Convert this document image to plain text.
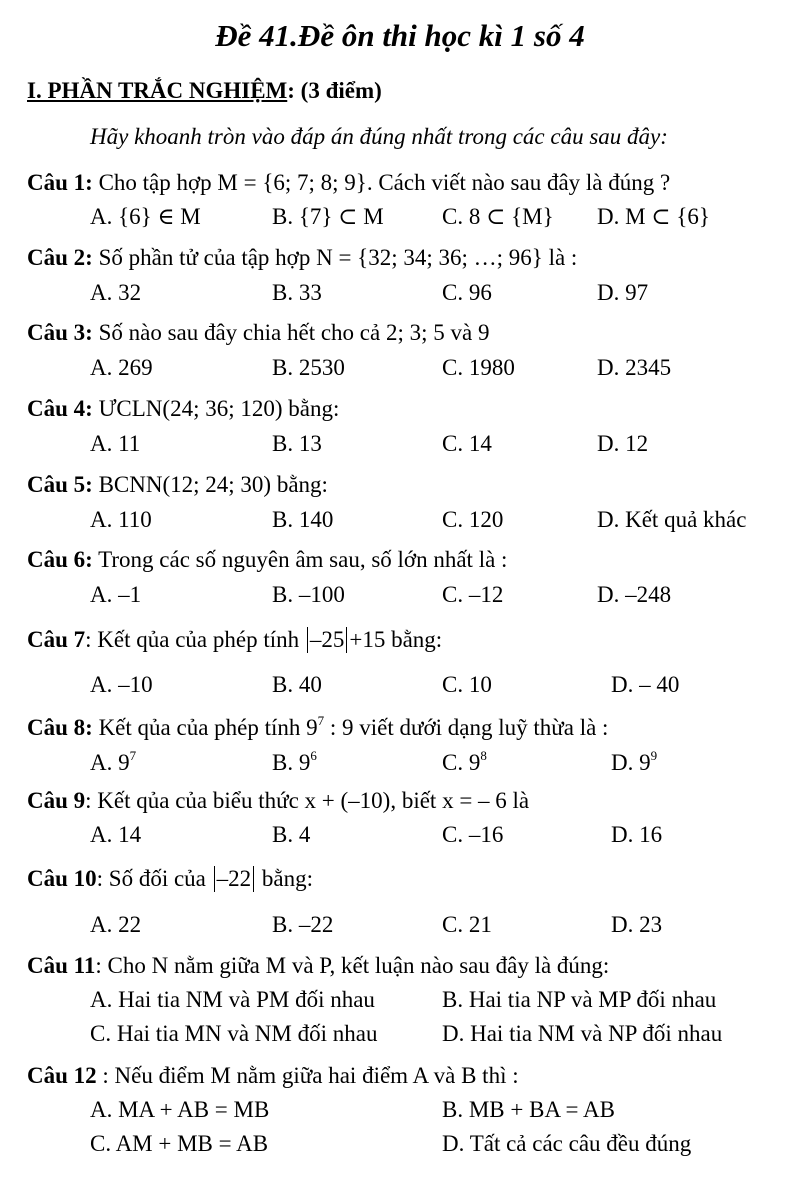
Đề 41.Đề ôn thi học kì 1 số 4
I. PHẦN TRẮC NGHIỆM: (3 điểm)
Hãy khoanh tròn vào đáp án đúng nhất trong các câu sau đây:
Câu 1: Cho tập hợp M = {6; 7; 8; 9}. Cách viết nào sau đây là đúng ?
A. {6} ∈ M	B. {7} ⊂ M	C. 8 ⊂ {M} D. M ⊂ {6}
Câu 2: Số phần tử của tập hợp N = {32; 34; 36; …; 96} là :
A. 32	B. 33	C. 96	D. 97
Câu 3: Số nào sau đây chia hết cho cả 2; 3; 5 và 9
A. 269	B. 2530	C. 1980	D. 2345
Câu 4: ƯCLN(24; 36; 120) bằng:
A. 11	B. 13	C. 14	D. 12
Câu 5: BCNN(12; 24; 30) bằng:
A. 110	B. 140	C. 120	D. Kết quả khác
Câu 6: Trong các số nguyên âm sau, số lớn nhất là :
A. –1	B. –100	C. –12	D. –248
Câu 7: Kết qủa của phép tính –25 +15 bằng:
A. –10	B. 40	C. 10	D. – 40
Câu 8: Kết qủa của phép tính $9^7$ : 9 viết dưới dạng luỹ thừa là :
A. $9^7$	B. $9^6$	C. $9^8$	D. $9^9$
Câu 9: Kết qủa của biểu thức x + (–10), biết x = – 6 là
A. 14	B. 4	C. –16	D. 16
Câu 10: Số đối của –22 bằng:
A. 22	B. –22	C. 21	D. 23
Câu 11: Cho N nằm giữa M và P, kết luận nào sau đây là đúng:
A. Hai tia NM và PM đối nhau	B. Hai tia NP và MP đối nhau
C. Hai tia MN và NM đối nhau	D. Hai tia NM và NP đối nhau
Câu 12 : Nếu điểm M nằm giữa hai điểm A và B thì :
A. MA + AB = MB	B. MB + BA = AB
C. AM + MB = AB	D. Tất cả các câu đều đúng
